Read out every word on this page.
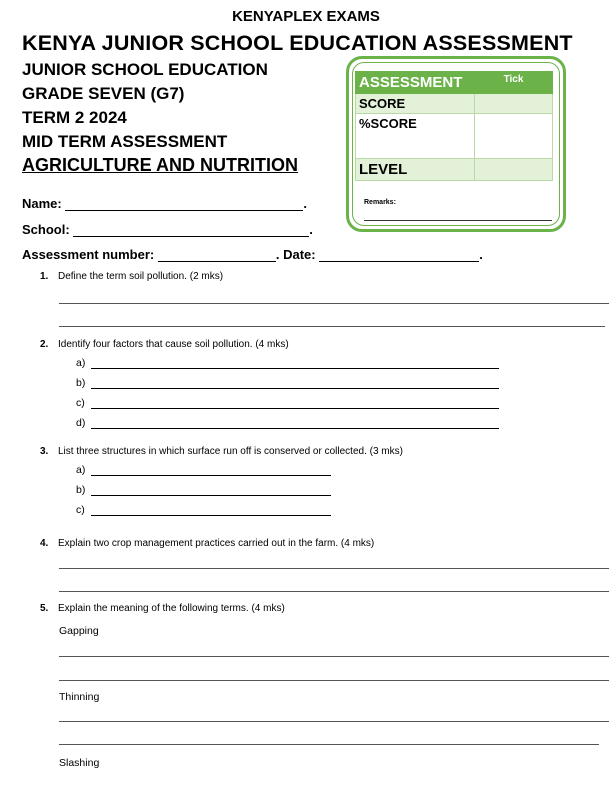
KENYAPLEX EXAMS
KENYA JUNIOR SCHOOL EDUCATION ASSESSMENT
JUNIOR SCHOOL EDUCATION
GRADE SEVEN (G7)
TERM 2 2024
MID TERM ASSESSMENT
AGRICULTURE AND NUTRITION
ASSESSMENT	Tick
SCORE	
%SCORE	
LEVEL	
Remarks:
Name:	.
School:	.
Assessment number:	. Date:	.
1. Define the term soil pollution. (2 mks)
2. Identify four factors that cause soil pollution. (4 mks)
a)
b)
c)
d)
3. List three structures in which surface run off is conserved or collected. (3 mks)
a)
b)
c)
4. Explain two crop management practices carried out in the farm. (4 mks)
5. Explain the meaning of the following terms. (4 mks)
Gapping
Thinning
Slashing
